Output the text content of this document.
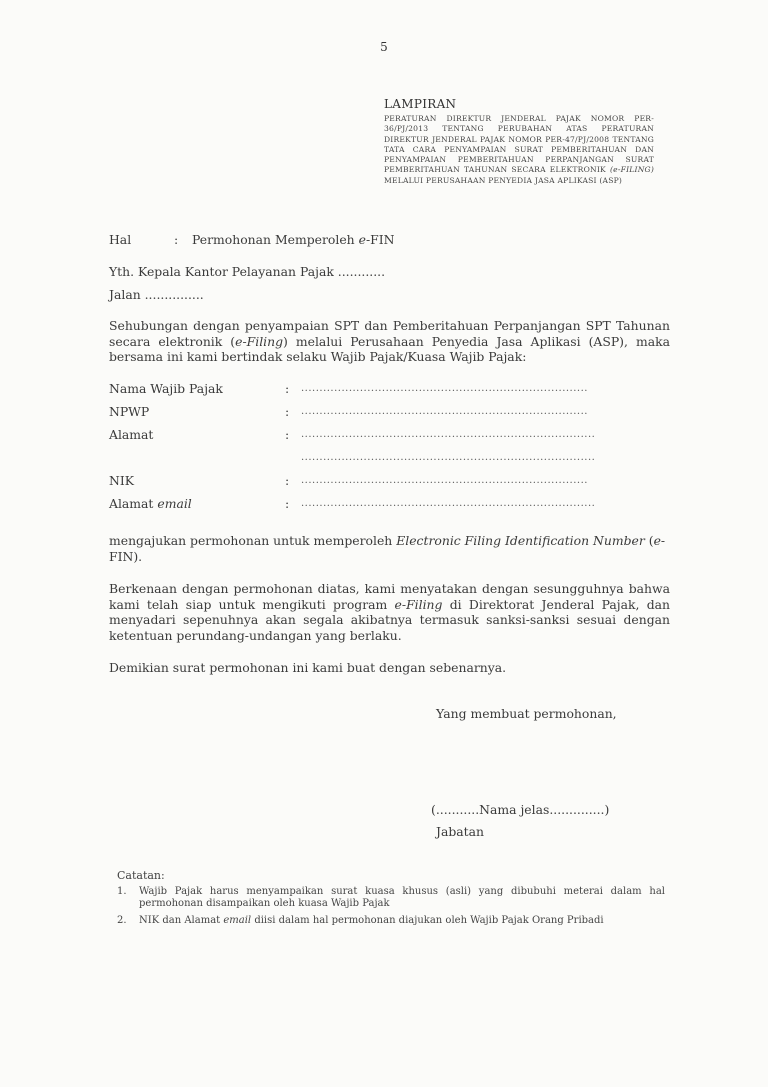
5
LAMPIRAN
PERATURAN DIREKTUR JENDERAL PAJAK NOMOR PER-36/PJ/2013 TENTANG PERUBAHAN ATAS PERATURAN DIREKTUR JENDERAL PAJAK NOMOR PER-47/PJ/2008 TENTANG TATA CARA PENYAMPAIAN SURAT PEMBERITAHUAN DAN PENYAMPAIAN PEMBERITAHUAN PERPANJANGAN SURAT PEMBERITAHUAN TAHUNAN SECARA ELEKTRONIK (e-FILING) MELALUI PERUSAHAAN PENYEDIA JASA APLIKASI (ASP)
Hal	: Permohonan Memperoleh e-FIN
Yth. Kepala Kantor Pelayanan Pajak ............
Jalan ...............
Sehubungan dengan penyampaian SPT dan Pemberitahuan Perpanjangan SPT Tahunan secara elektronik (e-Filing) melalui Perusahaan Penyedia Jasa Aplikasi (ASP), maka bersama ini kami bertindak selaku Wajib Pajak/Kuasa Wajib Pajak:
Nama Wajib Pajak	: ..............................................................................
NPWP	: ..............................................................................
Alamat	: ................................................................................
................................................................................
NIK	: ..............................................................................
Alamat email	: ................................................................................
mengajukan permohonan untuk memperoleh Electronic Filing Identification Number (e-FIN).
Berkenaan dengan permohonan diatas, kami menyatakan dengan sesungguhnya bahwa kami telah siap untuk mengikuti program e-Filing di Direktorat Jenderal Pajak, dan menyadari sepenuhnya akan segala akibatnya termasuk sanksi-sanksi sesuai dengan ketentuan perundang-undangan yang berlaku.
Demikian surat permohonan ini kami buat dengan sebenarnya.
Yang membuat permohonan,
(...........Nama jelas..............)
Jabatan
Catatan:
1.	Wajib Pajak harus menyampaikan surat kuasa khusus (asli) yang dibubuhi meterai dalam hal permohonan disampaikan oleh kuasa Wajib Pajak
2.	NIK dan Alamat email diisi dalam hal permohonan diajukan oleh Wajib Pajak Orang Pribadi
